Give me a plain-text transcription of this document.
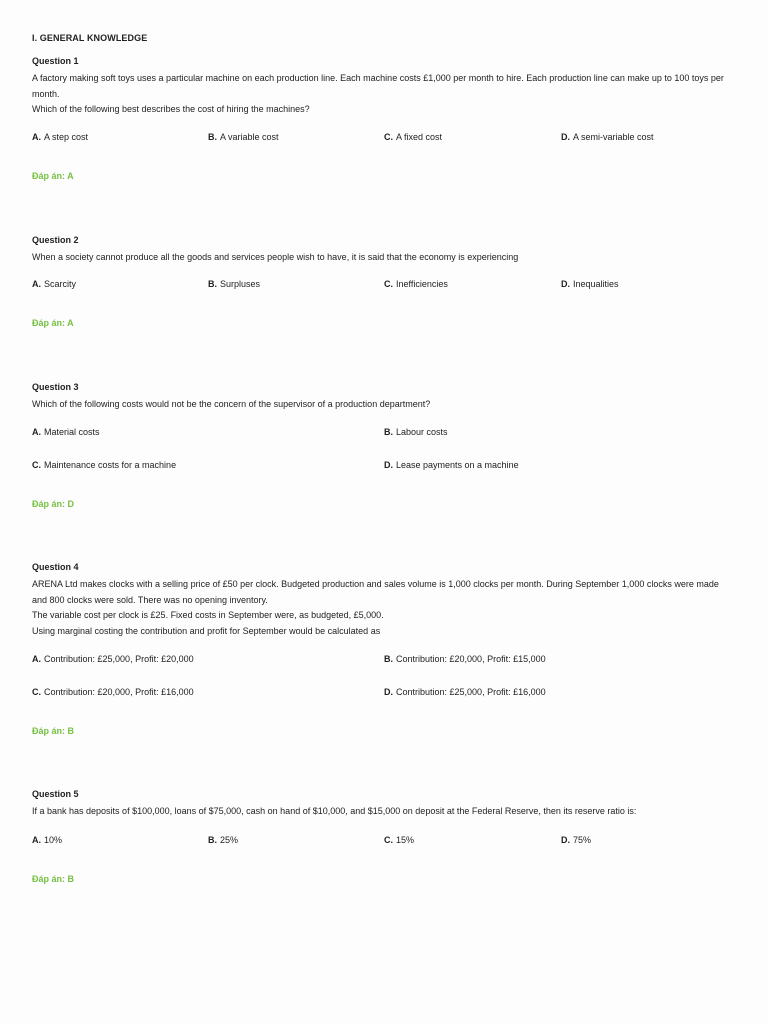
I. GENERAL KNOWLEDGE
Question 1

A factory making soft toys uses a particular machine on each production line. Each machine costs £1,000 per month to hire. Each production line can make up to 100 toys per month.

Which of the following best describes the cost of hiring the machines?

A. A step cost	B. A variable cost	C. A fixed cost	D. A semi-variable cost
Đáp án: A
Question 2

When a society cannot produce all the goods and services people wish to have, it is said that the economy is experiencing

A. Scarcity	B. Surpluses	C. Inefficiencies	D. Inequalities
Đáp án: A
Question 3

Which of the following costs would not be the concern of the supervisor of a production department?

A. Material costs	B. Labour costs
C. Maintenance costs for a machine	D. Lease payments on a machine
Đáp án: D
Question 4

ARENA Ltd makes clocks with a selling price of £50 per clock. Budgeted production and sales volume is 1,000 clocks per month. During September 1,000 clocks were made and 800 clocks were sold. There was no opening inventory.

The variable cost per clock is £25. Fixed costs in September were, as budgeted, £5,000.

Using marginal costing the contribution and profit for September would be calculated as

A. Contribution: £25,000, Profit: £20,000	B. Contribution: £20,000, Profit: £15,000
C. Contribution: £20,000, Profit: £16,000	D. Contribution: £25,000, Profit: £16,000
Đáp án: B
Question 5

If a bank has deposits of $100,000, loans of $75,000, cash on hand of $10,000, and $15,000 on deposit at the Federal Reserve, then its reserve ratio is:

A. 10%	B. 25%	C. 15%	D. 75%
Đáp án: B
